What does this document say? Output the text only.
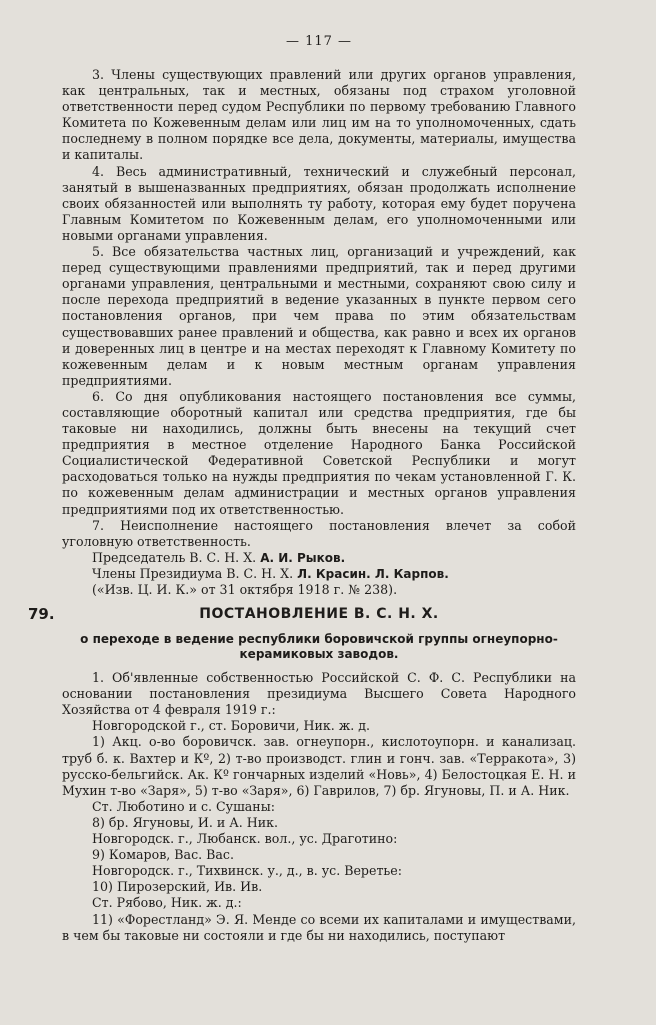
— 117 —

3. Члены существующих правлений или других органов управления, как центральных, так и местных, обязаны под страхом уголовной ответственности перед судом Республики по первому требованию Главного Комитета по Кожевенным делам или лиц им на то уполномоченных, сдать последнему в полном порядке все дела, документы, материалы, имущества и капиталы.

4. Весь административный, технический и служебный персонал, занятый в вышеназванных предприятиях, обязан продолжать исполнение своих обязанностей или выполнять ту работу, которая ему будет поручена Главным Комитетом по Кожевенным делам, его уполномоченными или новыми органами управления.

5. Все обязательства частных лиц, организаций и учреждений, как перед существующими правлениями предприятий, так и перед другими органами управления, центральными и местными, сохраняют свою силу и после перехода предприятий в ведение указанных в пункте первом сего постановления органов, при чем права по этим обязательствам существовавших ранее правлений и общества, как равно и всех их органов и доверенных лиц в центре и на местах переходят к Главному Комитету по кожевенным делам и к новым местным органам управления предприятиями.

6. Со дня опубликования настоящего постановления все суммы, составляющие оборотный капитал или средства предприятия, где бы таковые ни находились, должны быть внесены на текущий счет предприятия в местное отделение Народного Банка Российской Социалистической Федеративной Советской Республики и могут расходоваться только на нужды предприятия по чекам установленной Г. К. по кожевенным делам администрации и местных органов управления предприятиями под их ответственностью.

7. Неисполнение настоящего постановления влечет за собой уголовную ответственность.

Председатель В. С. Н. Х. А. И. Рыков.

Члены Президиума В. С. Н. Х. Л. Красин. Л. Карпов.

(«Изв. Ц. И. К.» от 31 октября 1918 г. № 238).

79.	ПОСТАНОВЛЕНИЕ В. С. Н. Х.

о переходе в ведение республики боровичской группы огнеупорно-керамиковых заводов.

1. Об'явленные собственностью Российской С. Ф. С. Республики на основании постановления президиума Высшего Совета Народного Хозяйства от 4 февраля 1919 г.:

Новгородской г., ст. Боровичи, Ник. ж. д.

1) Акц. о-во боровичск. зав. огнеупорн., кислотоупорн. и канализац. труб б. к. Вахтер и Кº, 2) т-во производст. глин и гонч. зав. «Терракота», 3) русско-бельгийск. Ак. Кº гончарных изделий «Новь», 4) Белостоцкая Е. Н. и Мухин т-во «Заря», 5) т-во «Заря», 6) Гаврилов, 7) бр. Ягуновы, П. и А. Ник.

Ст. Люботино и с. Сушаны:

8) бр. Ягуновы, И. и А. Ник.

Новгородск. г., Любанск. вол., ус. Драготино:

9) Комаров, Вас. Вас.

Новгородск. г., Тихвинск. у., д., в. ус. Веретье:

10) Пирозерский, Ив. Ив.

Ст. Рябово, Ник. ж. д.:

11) «Форестланд» Э. Я. Менде со всеми их капиталами и имуществами, в чем бы таковые ни состояли и где бы ни находились, поступают
